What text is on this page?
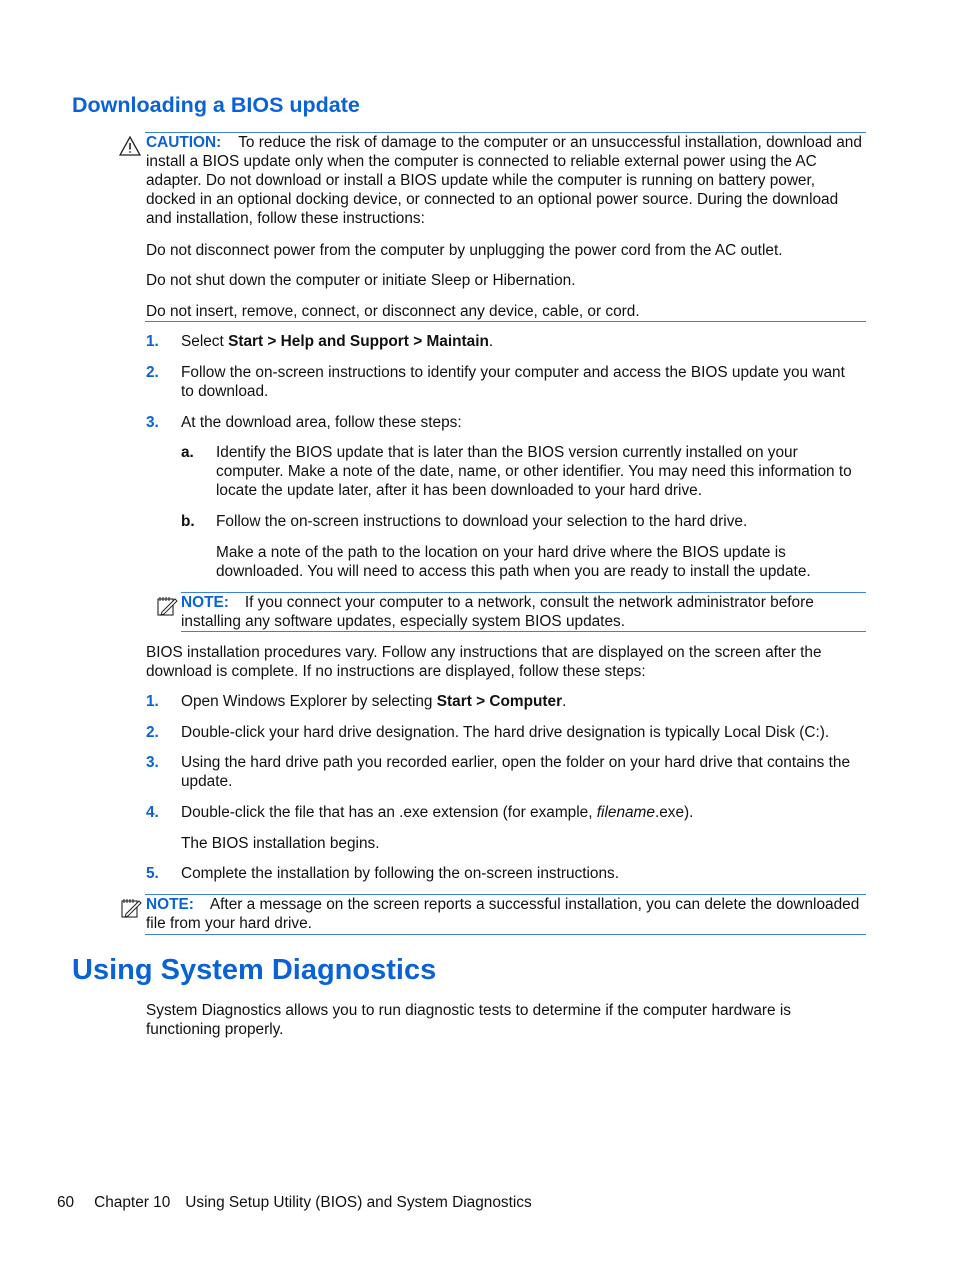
Downloading a BIOS update
CAUTION: To reduce the risk of damage to the computer or an unsuccessful installation, download and install a BIOS update only when the computer is connected to reliable external power using the AC adapter. Do not download or install a BIOS update while the computer is running on battery power, docked in an optional docking device, or connected to an optional power source. During the download and installation, follow these instructions:
Do not disconnect power from the computer by unplugging the power cord from the AC outlet.
Do not shut down the computer or initiate Sleep or Hibernation.
Do not insert, remove, connect, or disconnect any device, cable, or cord.
1. Select Start > Help and Support > Maintain.
2. Follow the on-screen instructions to identify your computer and access the BIOS update you want to download.
3. At the download area, follow these steps:
a. Identify the BIOS update that is later than the BIOS version currently installed on your computer. Make a note of the date, name, or other identifier. You may need this information to locate the update later, after it has been downloaded to your hard drive.
b. Follow the on-screen instructions to download your selection to the hard drive.
Make a note of the path to the location on your hard drive where the BIOS update is downloaded. You will need to access this path when you are ready to install the update.
NOTE: If you connect your computer to a network, consult the network administrator before installing any software updates, especially system BIOS updates.
BIOS installation procedures vary. Follow any instructions that are displayed on the screen after the download is complete. If no instructions are displayed, follow these steps:
1. Open Windows Explorer by selecting Start > Computer.
2. Double-click your hard drive designation. The hard drive designation is typically Local Disk (C:).
3. Using the hard drive path you recorded earlier, open the folder on your hard drive that contains the update.
4. Double-click the file that has an .exe extension (for example, filename.exe).
The BIOS installation begins.
5. Complete the installation by following the on-screen instructions.
NOTE: After a message on the screen reports a successful installation, you can delete the downloaded file from your hard drive.
Using System Diagnostics
System Diagnostics allows you to run diagnostic tests to determine if the computer hardware is functioning properly.
60 Chapter 10 Using Setup Utility (BIOS) and System Diagnostics
